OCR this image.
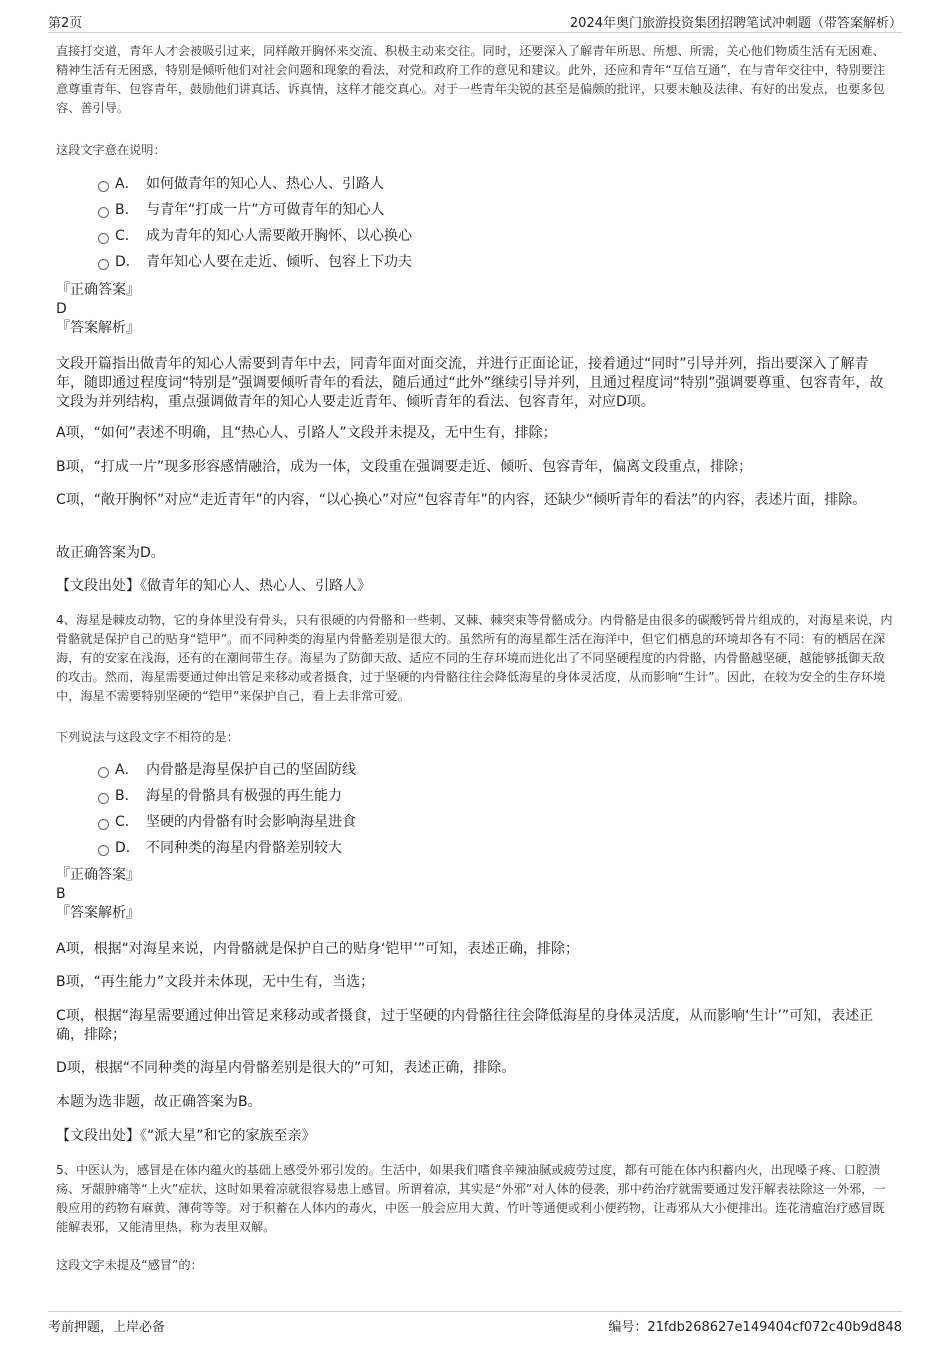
第2页	2024年奥门旅游投资集团招聘笔试冲刺题（带答案解析）

直接打交道，青年人才会被吸引过来，同样敞开胸怀来交流、积极主动来交往。同时，还要深入了解青年所思、所想、所需，关心他们物质生活有无困难、精神生活有无困惑，特别是倾听他们对社会问题和现象的看法，对党和政府工作的意见和建议。此外，还应和青年“互信互通”，在与青年交往中，特别要注意尊重青年、包容青年，鼓励他们讲真话、诉真情，这样才能交真心。对于一些青年尖锐的甚至是偏颇的批评，只要未触及法律、有好的出发点，也要多包容、善引导。

这段文字意在说明：

A． 如何做青年的知心人、热心人、引路人
B． 与青年“打成一片”方可做青年的知心人
C． 成为青年的知心人需要敞开胸怀、以心换心
D． 青年知心人要在走近、倾听、包容上下功夫

『正确答案』

D

『答案解析』

文段开篇指出做青年的知心人需要到青年中去，同青年面对面交流，并进行正面论证，接着通过“同时”引导并列，指出要深入了解青年，随即通过程度词“特别是”强调要倾听青年的看法，随后通过“此外”继续引导并列，且通过程度词“特别”强调要尊重、包容青年，故文段为并列结构，重点强调做青年的知心人要走近青年、倾听青年的看法、包容青年，对应D项。

A项，“如何”表述不明确，且“热心人、引路人”文段并未提及，无中生有，排除；

B项，“打成一片”现多形容感情融洽，成为一体，文段重在强调要走近、倾听、包容青年，偏离文段重点，排除；

C项，“敞开胸怀”对应“走近青年”的内容，“以心换心”对应“包容青年”的内容，还缺少“倾听青年的看法”的内容，表述片面，排除。

故正确答案为D。

【文段出处】《做青年的知心人、热心人、引路人》

4、海星是棘皮动物，它的身体里没有骨头，只有很硬的内骨骼和一些刺、叉棘、棘突束等骨骼成分。内骨骼是由很多的碳酸钙骨片组成的，对海星来说，内骨骼就是保护自己的贴身“铠甲”。而不同种类的海星内骨骼差别是很大的。虽然所有的海星都生活在海洋中，但它们栖息的环境却各有不同：有的栖居在深海，有的安家在浅海，还有的在潮间带生存。海星为了防御天敌、适应不同的生存环境而进化出了不同坚硬程度的内骨骼，内骨骼越坚硬，越能够抵御天敌的攻击。然而，海星需要通过伸出管足来移动或者摄食，过于坚硬的内骨骼往往会降低海星的身体灵活度，从而影响“生计”。因此，在较为安全的生存环境中，海星不需要特别坚硬的“铠甲”来保护自己，看上去非常可爱。

下列说法与这段文字不相符的是：

A． 内骨骼是海星保护自己的坚固防线
B． 海星的骨骼具有极强的再生能力
C． 坚硬的内骨骼有时会影响海星进食
D． 不同种类的海星内骨骼差别较大

『正确答案』

B

『答案解析』

A项，根据“对海星来说，内骨骼就是保护自己的贴身‘铠甲’”可知，表述正确，排除；

B项，“再生能力”文段并未体现，无中生有，当选；

C项，根据“海星需要通过伸出管足来移动或者摄食，过于坚硬的内骨骼往往会降低海星的身体灵活度，从而影响‘生计’”可知，表述正确，排除；

D项，根据“不同种类的海星内骨骼差别是很大的”可知，表述正确，排除。

本题为选非题，故正确答案为B。

【文段出处】《“派大星”和它的家族至亲》

5、中医认为，感冒是在体内蕴火的基础上感受外邪引发的。生活中，如果我们嗜食辛辣油腻或疲劳过度，都有可能在体内积蓄内火，出现嗓子疼、口腔溃疡、牙龈肿痛等“上火”症状，这时如果着凉就很容易患上感冒。所谓着凉，其实是“外邪”对人体的侵袭，那中药治疗就需要通过发汗解表祛除这一外邪，一般应用的药物有麻黄、薄荷等等。对于积蓄在人体内的毒火，中医一般会应用大黄、竹叶等通便或利小便药物，让毒邪从大小便排出。连花清瘟治疗感冒既能解表邪，又能清里热，称为表里双解。

这段文字未提及“感冒”的：

考前押题，上岸必备	编号：21fdb268627e149404cf072c40b9d848
